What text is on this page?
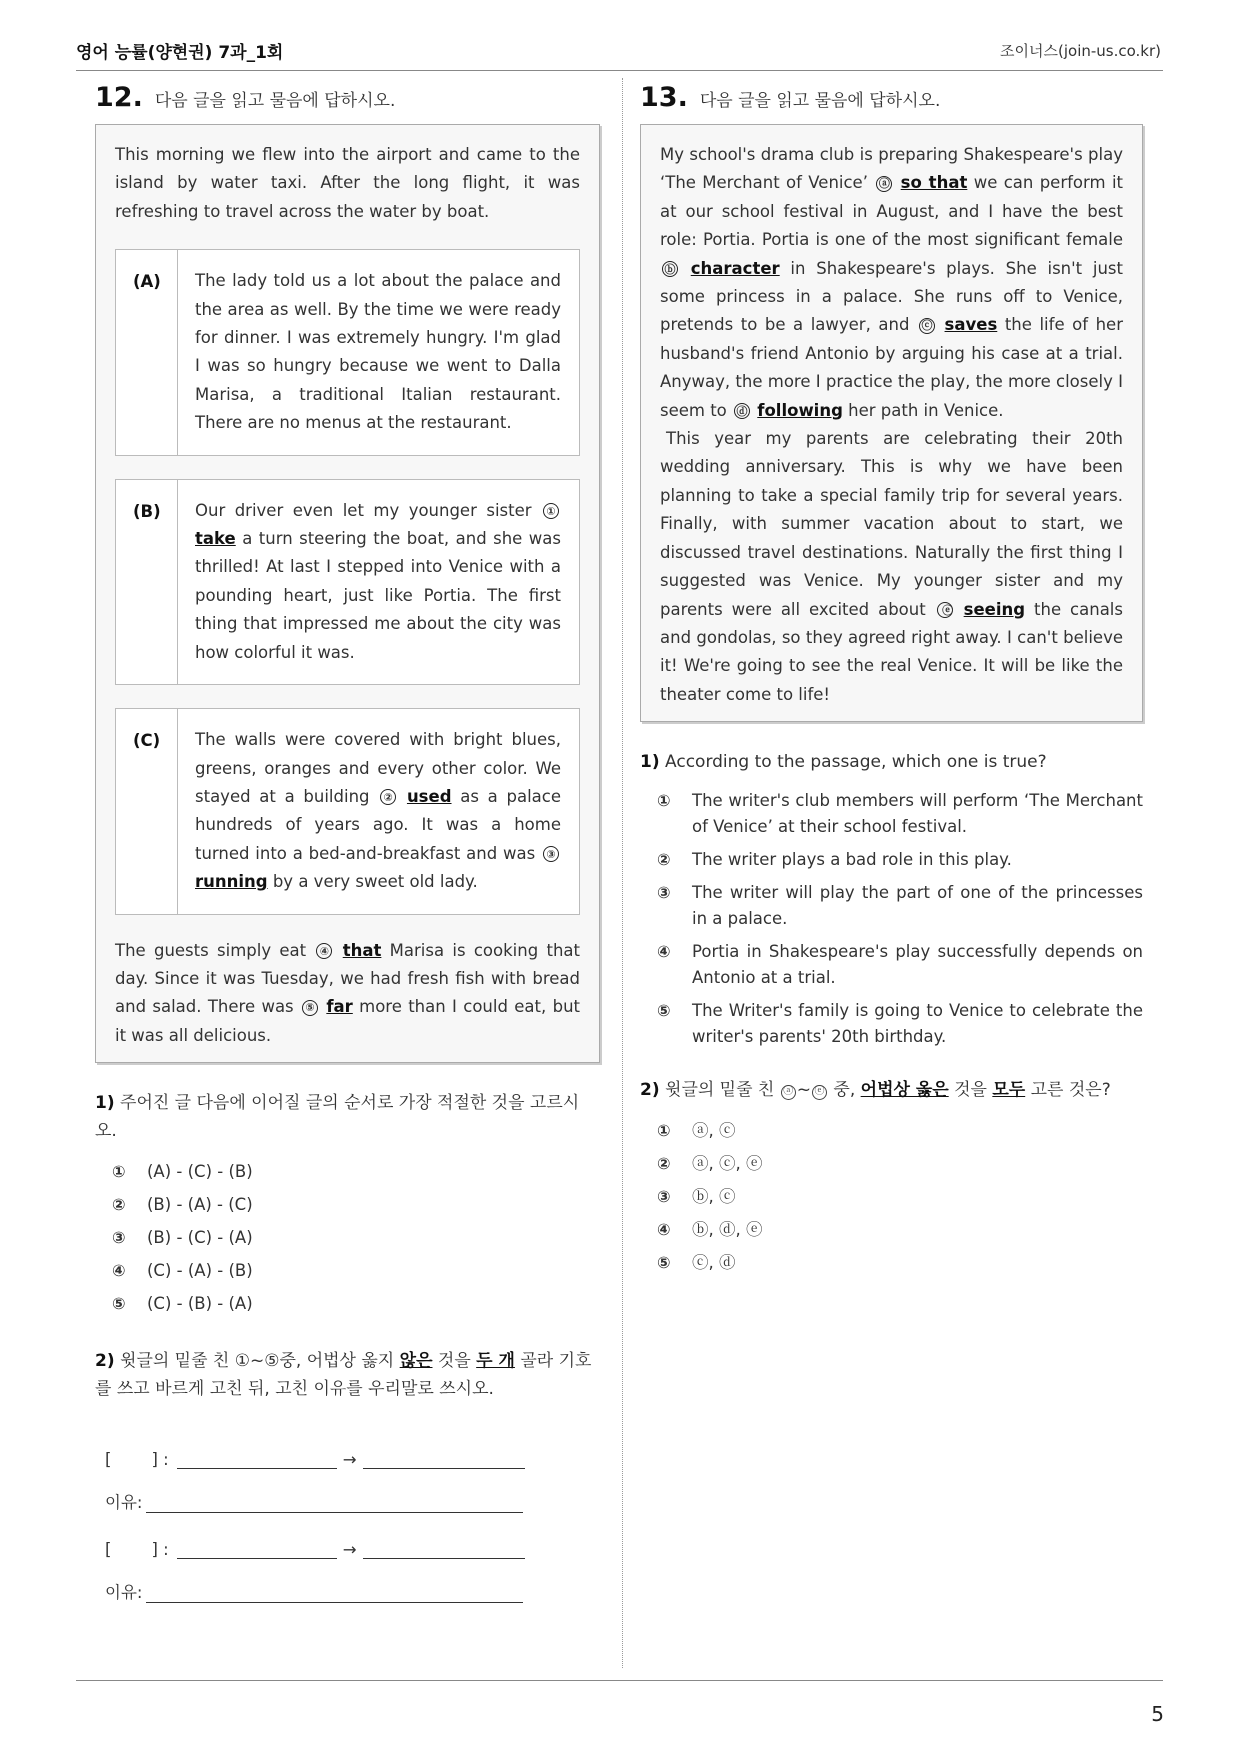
영어 능률(양현권) 7과_1회	조이너스(join-us.co.kr)
12. 다음 글을 읽고 물음에 답하시오.

This morning we flew into the airport and came to the island by water taxi. After the long flight, it was refreshing to travel across the water by boat.

(A)	The lady told us a lot about the palace and the area as well. By the time we were ready for dinner. I was extremely hungry. I'm glad I was so hungry because we went to Dalla Marisa, a traditional Italian restaurant. There are no menus at the restaurant.

(B)	Our driver even let my younger sister ① take a turn steering the boat, and she was thrilled! At last I stepped into Venice with a pounding heart, just like Portia. The first thing that impressed me about the city was how colorful it was.

(C)	The walls were covered with bright blues, greens, oranges and every other color. We stayed at a building ② used as a palace hundreds of years ago. It was a home turned into a bed-and-breakfast and was ③ running by a very sweet old lady.

The guests simply eat ④ that Marisa is cooking that day. Since it was Tuesday, we had fresh fish with bread and salad. There was ⑤ far more than I could eat, but it was all delicious.

1) 주어진 글 다음에 이어질 글의 순서로 가장 적절한 것을 고르시오.

①	(A) - (C) - (B)
②	(B) - (A) - (C)
③	(B) - (C) - (A)
④	(C) - (A) - (B)
⑤	(C) - (B) - (A)

2) 윗글의 밑줄 친 ①~⑤중, 어법상 옳지 않은 것을 두 개 골라 기호를 쓰고 바르게 고친 뒤, 고친 이유를 우리말로 쓰시오.

[ ] :	→
이유:
[ ] :	→
이유:
13. 다음 글을 읽고 물음에 답하시오.

My school's drama club is preparing Shakespeare's play ‘The Merchant of Venice’ ⓐ so that we can perform it at our school festival in August, and I have the best role: Portia. Portia is one of the most significant female ⓑ character in Shakespeare's plays. She isn't just some princess in a palace. She runs off to Venice, pretends to be a lawyer, and ⓒ saves the life of her husband's friend Antonio by arguing his case at a trial. Anyway, the more I practice the play, the more closely I seem to ⓓ following her path in Venice.

This year my parents are celebrating their 20th wedding anniversary. This is why we have been planning to take a special family trip for several years. Finally, with summer vacation about to start, we discussed travel destinations. Naturally the first thing I suggested was Venice. My younger sister and my parents were all excited about ⓔ seeing the canals and gondolas, so they agreed right away. I can't believe it! We're going to see the real Venice. It will be like the theater come to life!

1) According to the passage, which one is true?

①	The writer's club members will perform ‘The Merchant of Venice’ at their school festival.
②	The writer plays a bad role in this play.
③	The writer will play the part of one of the princesses in a palace.
④	Portia in Shakespeare's play successfully depends on Antonio at a trial.
⑤	The Writer's family is going to Venice to celebrate the writer's parents' 20th birthday.

2) 윗글의 밑줄 친 ⓐ ~ ⓔ 중, 어법상 옳은 것을 모두 고른 것은?

①	ⓐ, ⓒ
②	ⓐ, ⓒ, ⓔ
③	ⓑ, ⓒ
④	ⓑ, ⓓ, ⓔ
⑤	ⓒ, ⓓ
5
